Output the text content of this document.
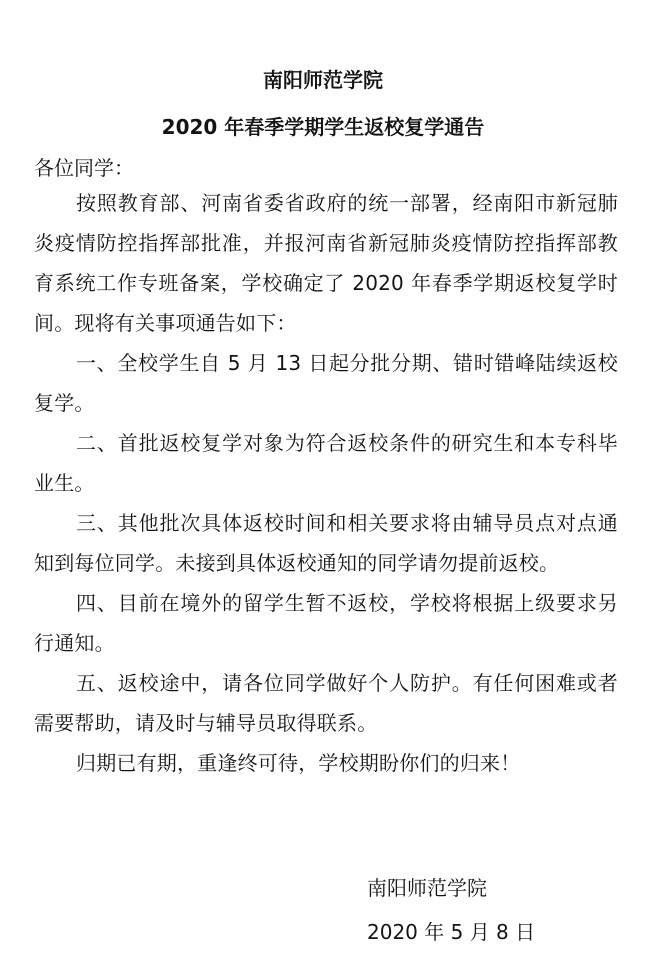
南阳师范学院
2020 年春季学期学生返校复学通告
各位同学：

按照教育部、河南省委省政府的统一部署，经南阳市新冠肺炎疫情防控指挥部批准，并报河南省新冠肺炎疫情防控指挥部教育系统工作专班备案，学校确定了 2020 年春季学期返校复学时间。现将有关事项通告如下：

一、全校学生自 5 月 13 日起分批分期、错时错峰陆续返校复学。

二、首批返校复学对象为符合返校条件的研究生和本专科毕业生。

三、其他批次具体返校时间和相关要求将由辅导员点对点通知到每位同学。未接到具体返校通知的同学请勿提前返校。

四、目前在境外的留学生暂不返校，学校将根据上级要求另行通知。

五、返校途中，请各位同学做好个人防护。有任何困难或者需要帮助，请及时与辅导员取得联系。

归期已有期，重逢终可待，学校期盼你们的归来！

南阳师范学院
2020 年 5 月 8 日
